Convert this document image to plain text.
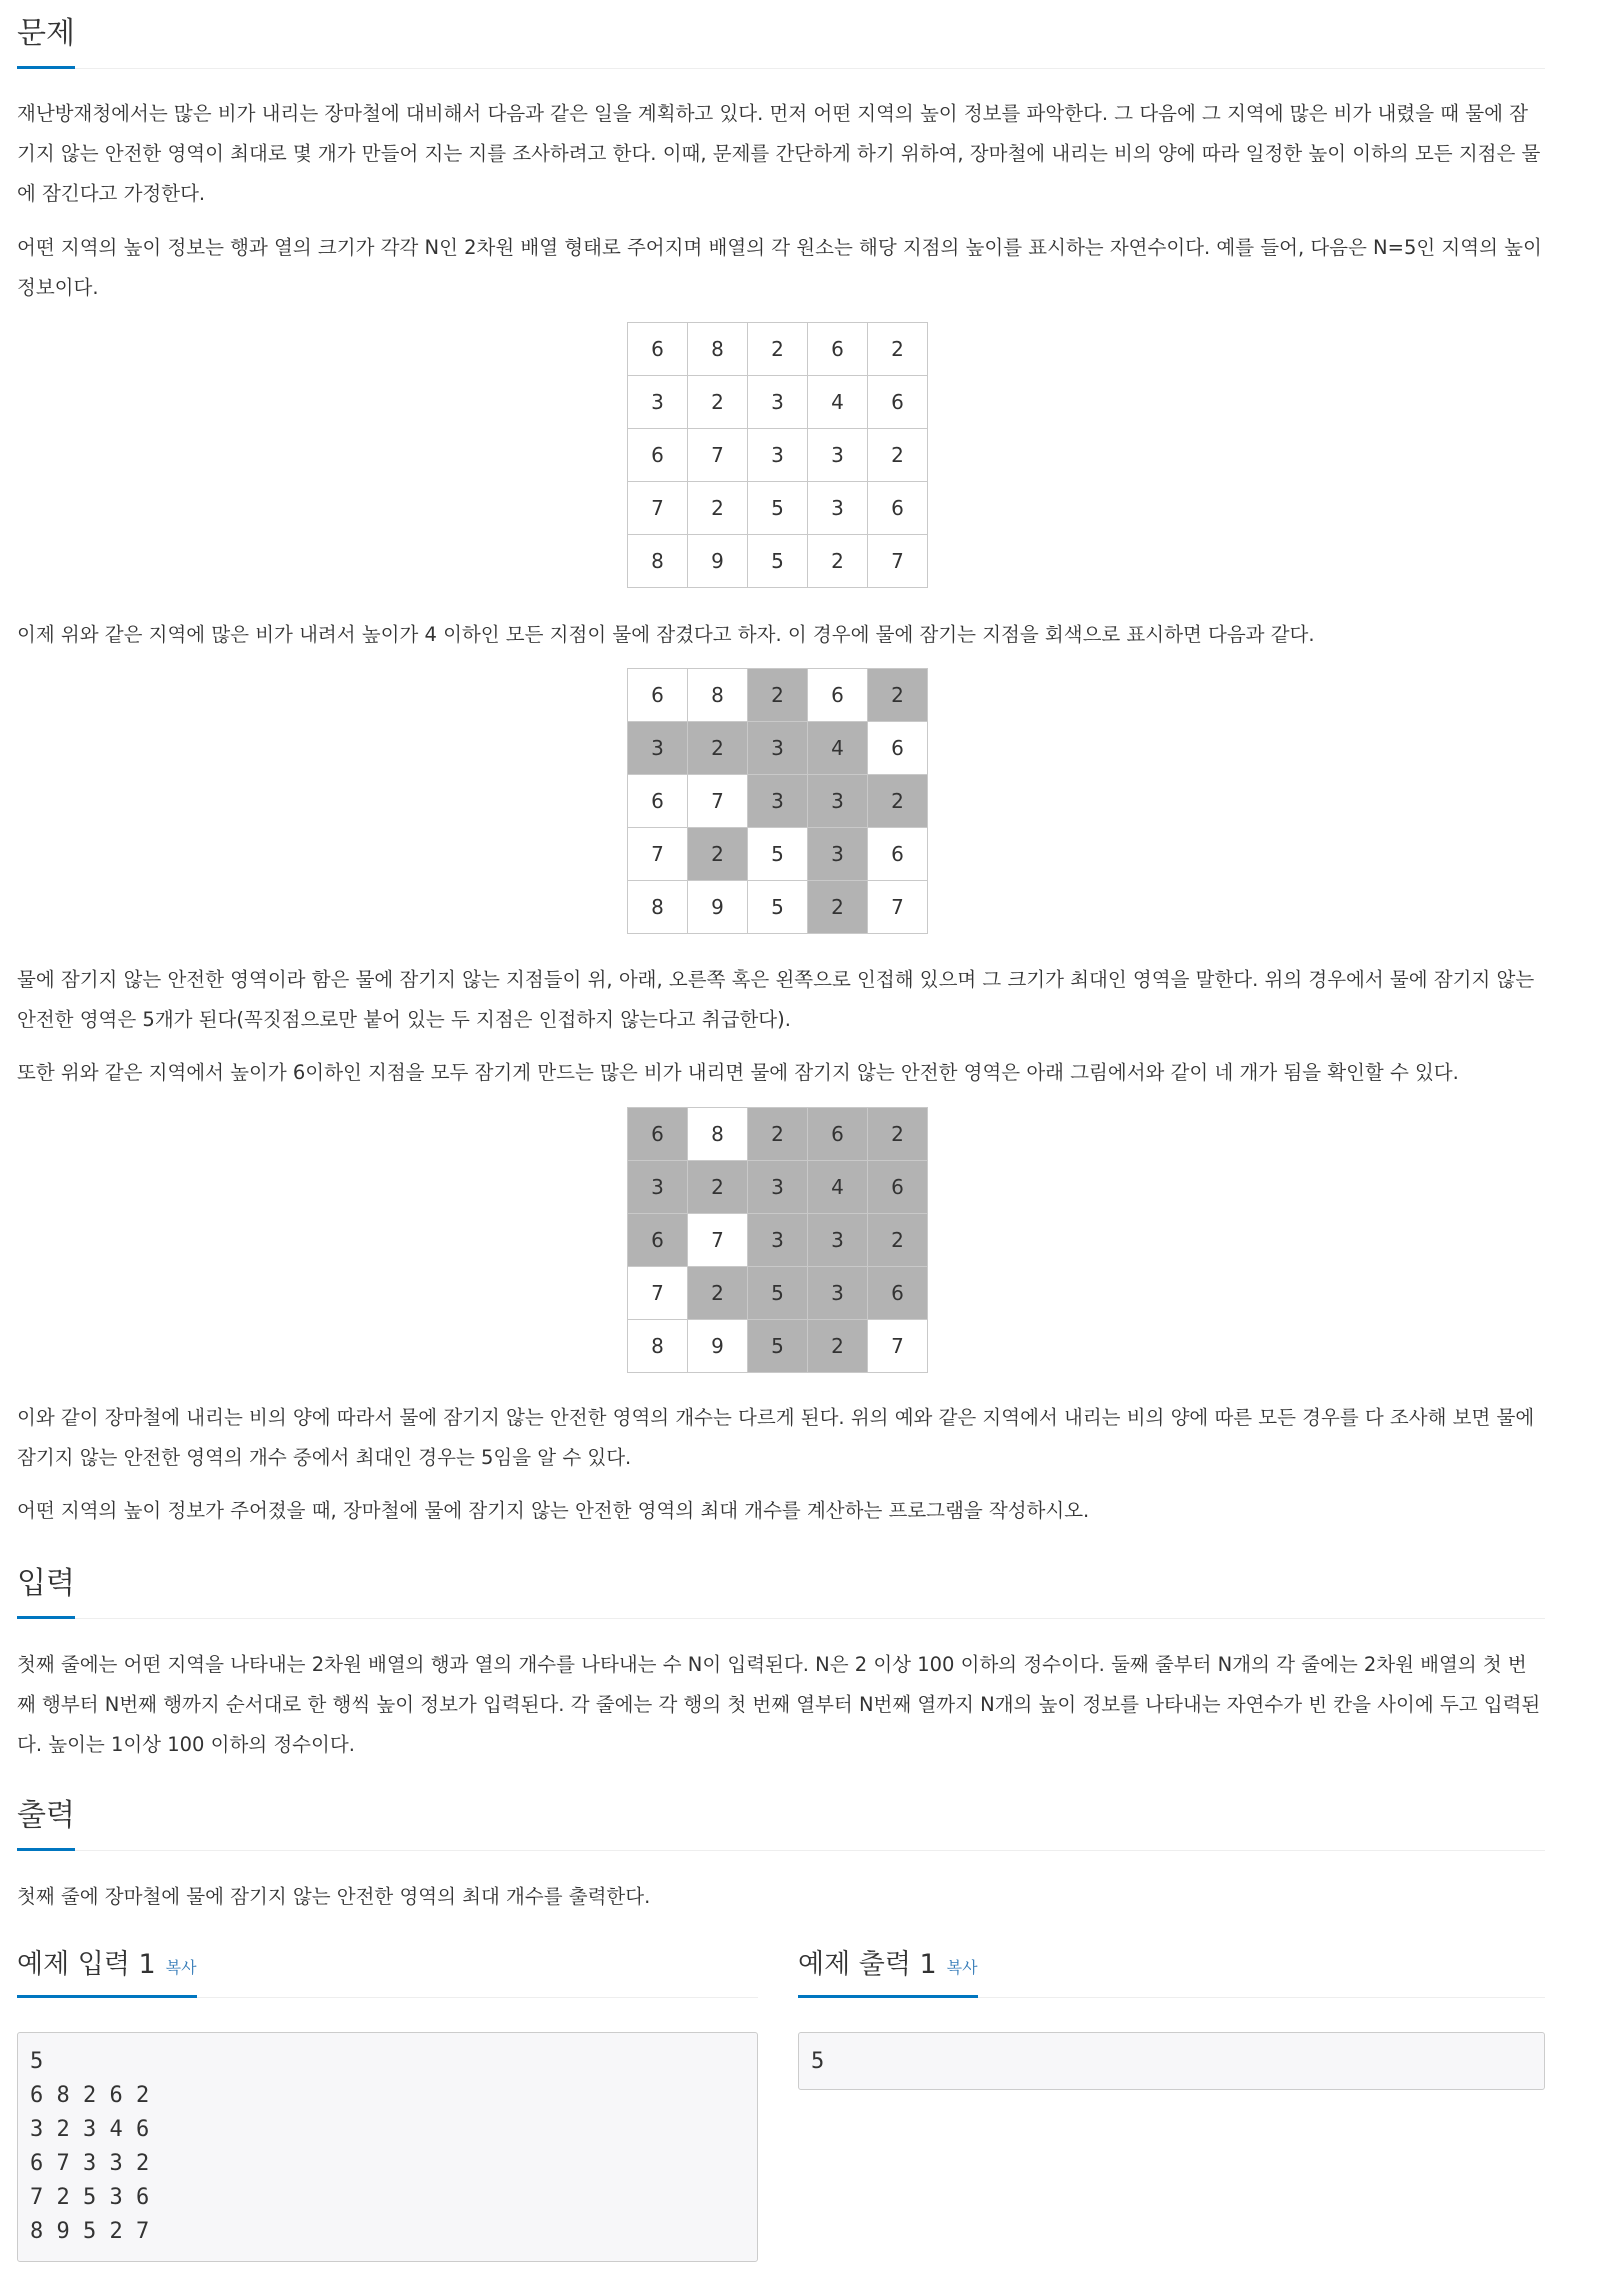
문제

재난방재청에서는 많은 비가 내리는 장마철에 대비해서 다음과 같은 일을 계획하고 있다. 먼저 어떤 지역의 높이 정보를 파악한다. 그 다음에 그 지역에 많은 비가 내렸을 때 물에 잠기지 않는 안전한 영역이 최대로 몇 개가 만들어 지는 지를 조사하려고 한다. 이때, 문제를 간단하게 하기 위하여, 장마철에 내리는 비의 양에 따라 일정한 높이 이하의 모든 지점은 물에 잠긴다고 가정한다.

어떤 지역의 높이 정보는 행과 열의 크기가 각각 N인 2차원 배열 형태로 주어지며 배열의 각 원소는 해당 지점의 높이를 표시하는 자연수이다. 예를 들어, 다음은 N=5인 지역의 높이 정보이다.

6	8	2	6	2
3	2	3	4	6
6	7	3	3	2
7	2	5	3	6
8	9	5	2	7

이제 위와 같은 지역에 많은 비가 내려서 높이가 4 이하인 모든 지점이 물에 잠겼다고 하자. 이 경우에 물에 잠기는 지점을 회색으로 표시하면 다음과 같다.

6	8	2	6	2
3	2	3	4	6
6	7	3	3	2
7	2	5	3	6
8	9	5	2	7

물에 잠기지 않는 안전한 영역이라 함은 물에 잠기지 않는 지점들이 위, 아래, 오른쪽 혹은 왼쪽으로 인접해 있으며 그 크기가 최대인 영역을 말한다. 위의 경우에서 물에 잠기지 않는 안전한 영역은 5개가 된다(꼭짓점으로만 붙어 있는 두 지점은 인접하지 않는다고 취급한다).

또한 위와 같은 지역에서 높이가 6이하인 지점을 모두 잠기게 만드는 많은 비가 내리면 물에 잠기지 않는 안전한 영역은 아래 그림에서와 같이 네 개가 됨을 확인할 수 있다.

6	8	2	6	2
3	2	3	4	6
6	7	3	3	2
7	2	5	3	6
8	9	5	2	7

이와 같이 장마철에 내리는 비의 양에 따라서 물에 잠기지 않는 안전한 영역의 개수는 다르게 된다. 위의 예와 같은 지역에서 내리는 비의 양에 따른 모든 경우를 다 조사해 보면 물에 잠기지 않는 안전한 영역의 개수 중에서 최대인 경우는 5임을 알 수 있다.

어떤 지역의 높이 정보가 주어졌을 때, 장마철에 물에 잠기지 않는 안전한 영역의 최대 개수를 계산하는 프로그램을 작성하시오.

입력

첫째 줄에는 어떤 지역을 나타내는 2차원 배열의 행과 열의 개수를 나타내는 수 N이 입력된다. N은 2 이상 100 이하의 정수이다. 둘째 줄부터 N개의 각 줄에는 2차원 배열의 첫 번째 행부터 N번째 행까지 순서대로 한 행씩 높이 정보가 입력된다. 각 줄에는 각 행의 첫 번째 열부터 N번째 열까지 N개의 높이 정보를 나타내는 자연수가 빈 칸을 사이에 두고 입력된다. 높이는 1이상 100 이하의 정수이다.

출력

첫째 줄에 장마철에 물에 잠기지 않는 안전한 영역의 최대 개수를 출력한다.

예제 입력 1 복사
5
6 8 2 6 2
3 2 3 4 6
6 7 3 3 2
7 2 5 3 6
8 9 5 2 7
예제 출력 1 복사
5
